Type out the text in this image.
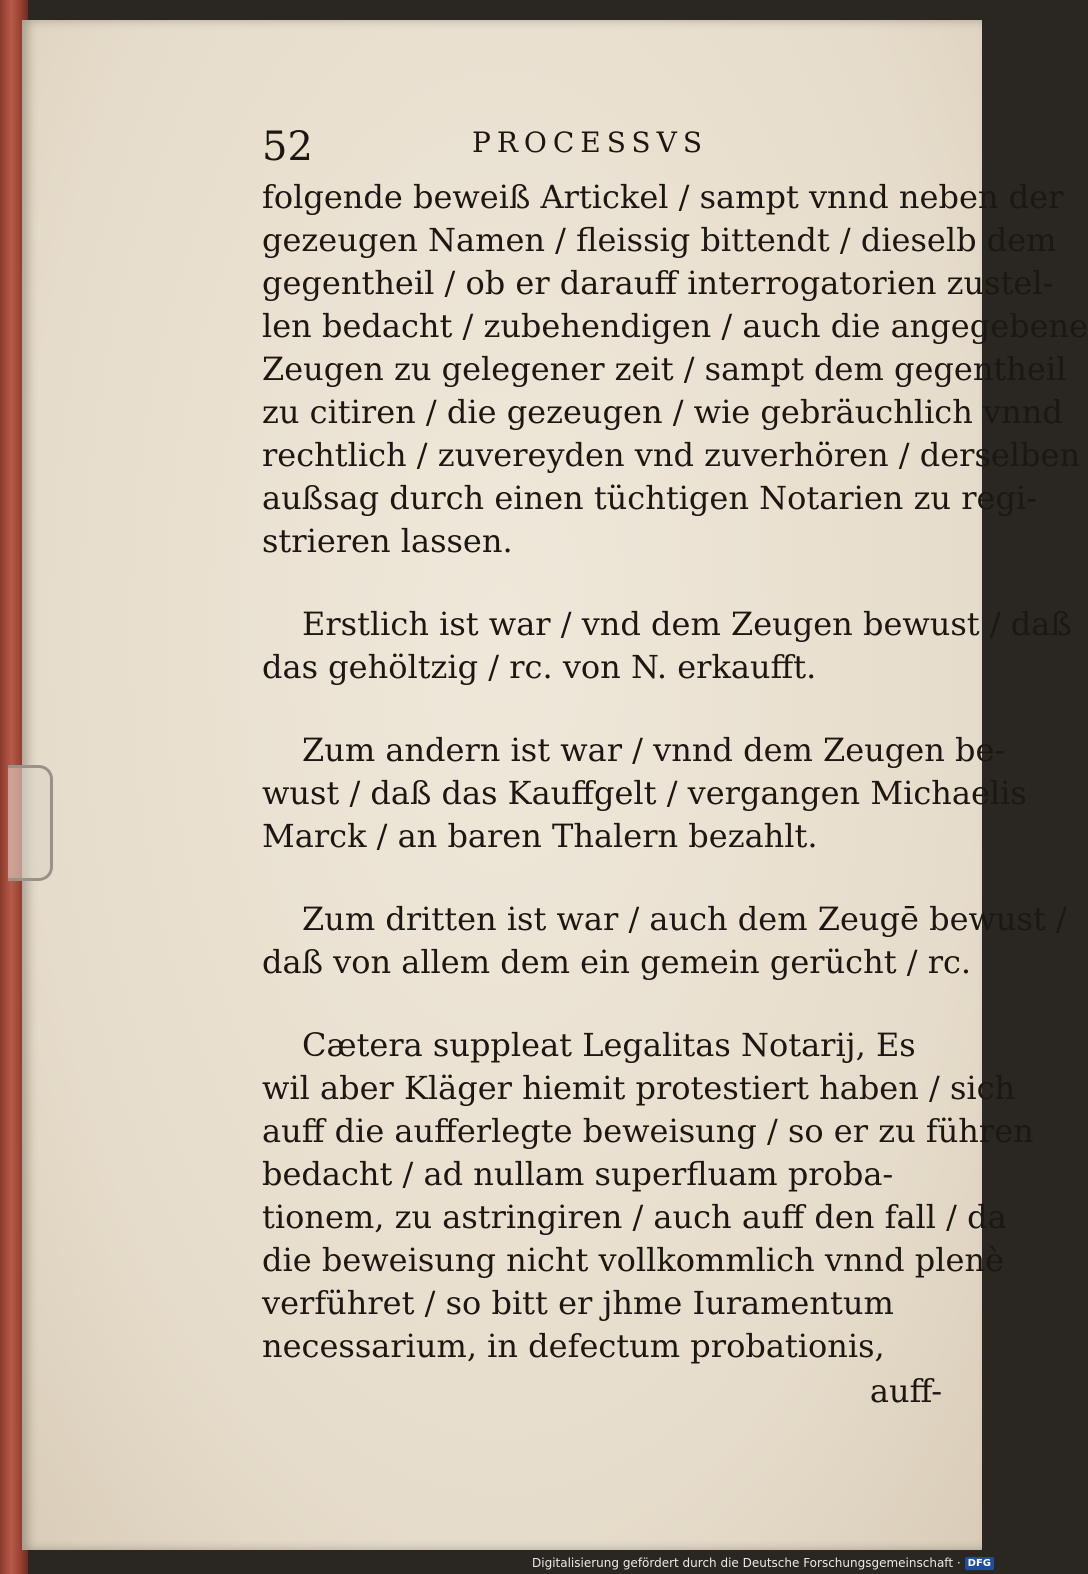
52	PROCESSVS

folgende beweiß Artickel / sampt vnnd neben der
gezeugen Namen / fleissig bittendt / dieselb dem
gegentheil / ob er darauff interrogatorien zustel-
len bedacht / zubehendigen / auch die angegebene
Zeugen zu gelegener zeit / sampt dem gegentheil
zu citiren / die gezeugen / wie gebräuchlich vnnd
rechtlich / zuvereyden vnd zuverhören / derselben
außsag durch einen tüchtigen Notarien zu regi-
strieren lassen.

Erstlich ist war / vnd dem Zeugen bewust / daß
das gehöltzig / rc. von N. erkaufft.

Zum andern ist war / vnnd dem Zeugen be-
wust / daß das Kauffgelt / vergangen Michaelis
Marck / an baren Thalern bezahlt.

Zum dritten ist war / auch dem Zeugē bewust /
daß von allem dem ein gemein gerücht / rc.

Cætera suppleat Legalitas Notarij, Es
wil aber Kläger hiemit protestiert haben / sich
auff die aufferlegte beweisung / so er zu führen
bedacht / ad nullam superfluam proba-
tionem, zu astringiren / auch auff den fall / da
die beweisung nicht vollkommlich vnnd plenè
verführet / so bitt er jhme Iuramentum
necessarium, in defectum probationis,

auff-
Digitalisierung gefördert durch die Deutsche Forschungsgemeinschaft · DFG
